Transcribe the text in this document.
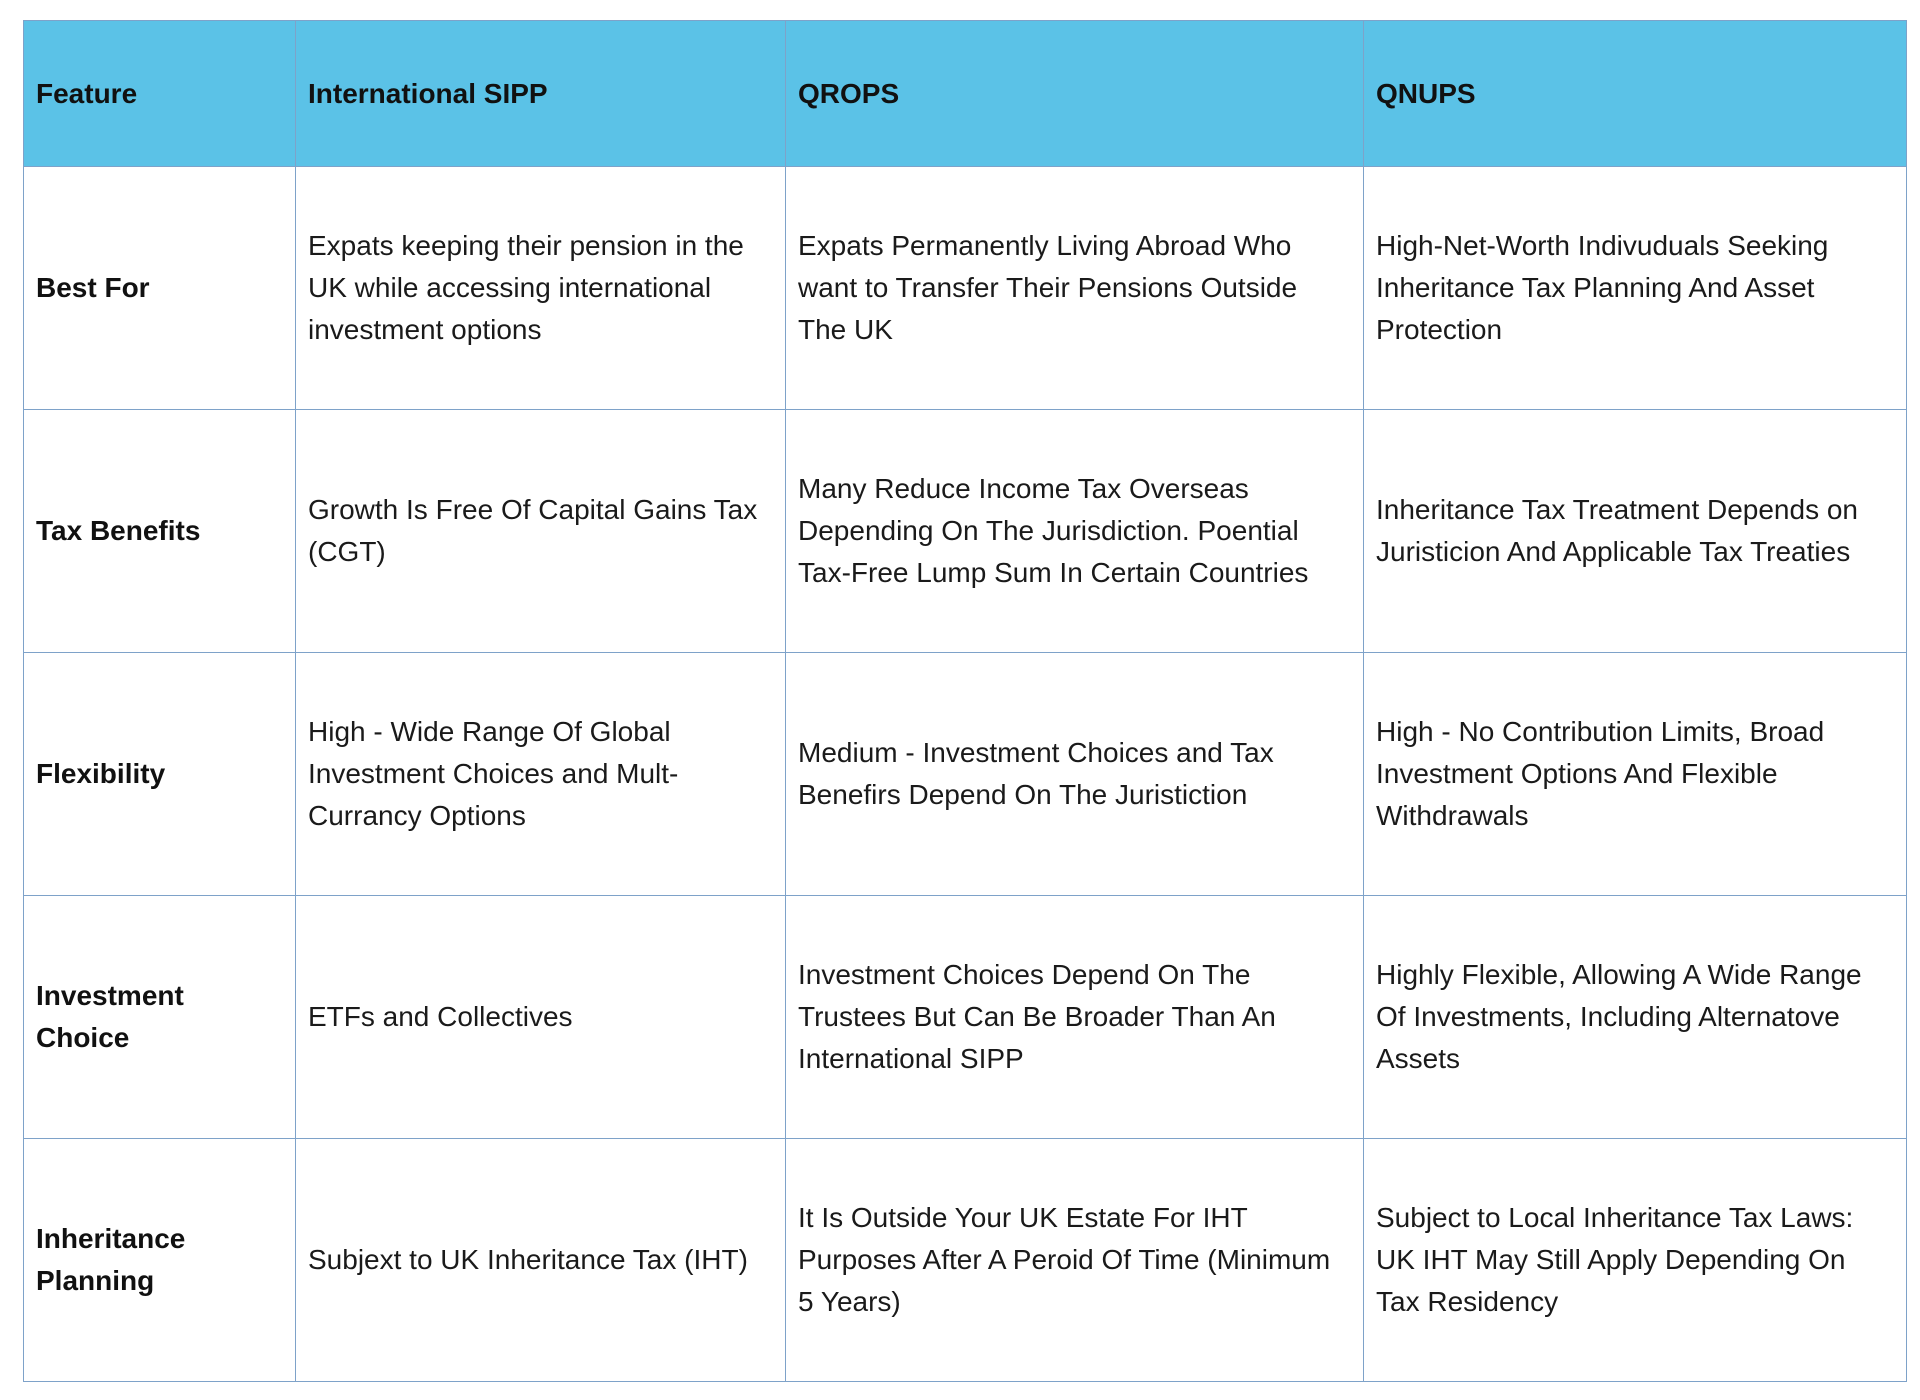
Feature	International SIPP	QROPS	QNUPS
Best For	Expats keeping their pension in the UK while accessing international investment options	Expats Permanently Living Abroad Who want to Transfer Their Pensions Outside The UK	High-Net-Worth Indivuduals Seeking Inheritance Tax Planning And Asset Protection
Tax Benefits	Growth Is Free Of Capital Gains Tax (CGT)	Many Reduce Income Tax Overseas Depending On The Jurisdiction. Poential Tax-Free Lump Sum In Certain Countries	Inheritance Tax Treatment Depends on Juristicion And Applicable Tax Treaties
Flexibility	High - Wide Range Of Global Investment Choices and Mult-Currancy Options	Medium - Investment Choices and Tax Benefirs Depend On The Juristiction	High - No Contribution Limits, Broad Investment Options And Flexible Withdrawals
Investment Choice	ETFs and Collectives	Investment Choices Depend On The Trustees But Can Be Broader Than An International SIPP	Highly Flexible, Allowing A Wide Range Of Investments, Including Alternatove Assets
Inheritance Planning	Subjext to UK Inheritance Tax (IHT)	It Is Outside Your UK Estate For IHT Purposes After A Peroid Of Time (Minimum 5 Years)	Subject to Local Inheritance Tax Laws: UK IHT May Still Apply Depending On Tax Residency
